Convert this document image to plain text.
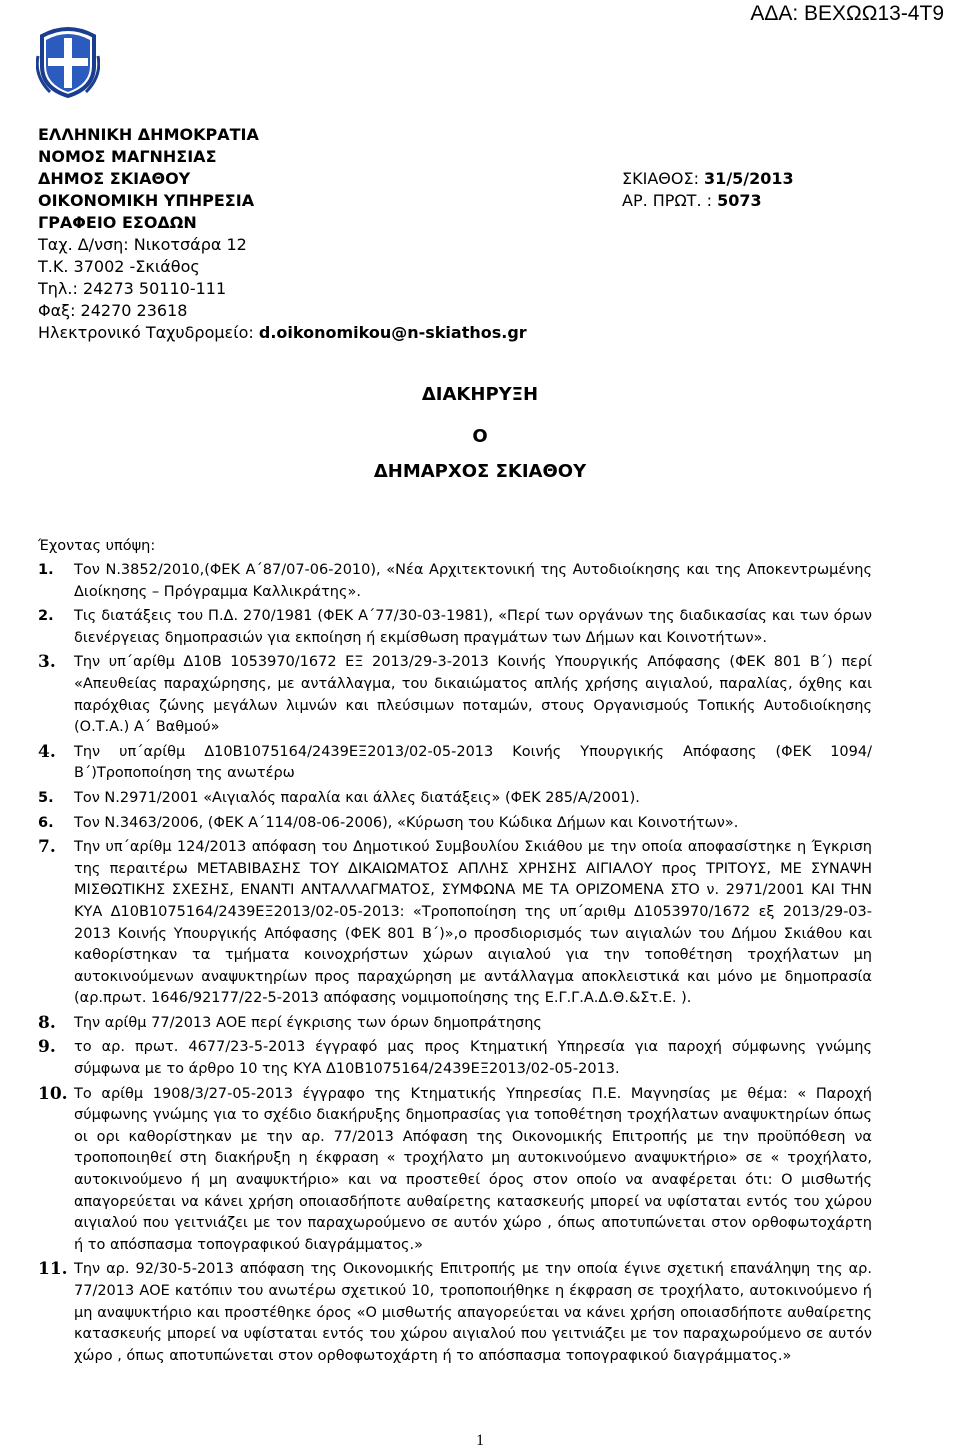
ΑΔΑ: ΒΕΧΩΩ13-4Τ9
ΕΛΛΗΝΙΚΗ ΔΗΜΟΚΡΑΤΙΑ
ΝΟΜΟΣ ΜΑΓΝΗΣΙΑΣ
ΔΗΜΟΣ ΣΚΙΑΘΟΥ
ΟΙΚΟΝΟΜΙΚΗ ΥΠΗΡΕΣΙΑ
ΓΡΑΦΕΙΟ ΕΣΟΔΩΝ
Ταχ. Δ/νση: Νικοτσάρα 12
Τ.Κ. 37002 -Σκιάθος
Τηλ.: 24273 50110-111
Φαξ: 24270 23618
Ηλεκτρονικό Ταχυδρομείο: d.oikonomikou@n-skiathos.gr
ΣΚΙΑΘΟΣ: 31/5/2013
ΑΡ. ΠΡΩΤ. : 5073
ΔΙΑΚΗΡΥΞΗ
Ο
ΔΗΜΑΡΧΟΣ ΣΚΙΑΘΟΥ
Έχοντας υπόψη:
1.	Τον Ν.3852/2010,(ΦΕΚ Α΄87/07-06-2010), «Νέα Αρχιτεκτονική της Αυτοδιοίκησης και της Αποκεντρωμένης Διοίκησης – Πρόγραμμα Καλλικράτης».
2.	Τις διατάξεις του Π.Δ. 270/1981 (ΦΕΚ Α΄77/30-03-1981), «Περί των οργάνων της διαδικασίας και των όρων διενέργειας δημοπρασιών για εκποίηση ή εκμίσθωση πραγμάτων των Δήμων και Κοινοτήτων».
3.	Την υπ΄αρίθμ Δ10Β 1053970/1672 ΕΞ 2013/29-3-2013 Κοινής Υπουργικής Απόφασης (ΦΕΚ 801 Β΄) περί «Απευθείας παραχώρησης, με αντάλλαγμα, του δικαιώματος απλής χρήσης αιγιαλού, παραλίας, όχθης και παρόχθιας ζώνης μεγάλων λιμνών και πλεύσιμων ποταμών, στους Οργανισμούς Τοπικής Αυτοδιοίκησης (Ο.Τ.Α.) Α΄ Βαθμού»
4.	Την υπ΄αρίθμ Δ10Β1075164/2439ΕΞ2013/02-05-2013 Κοινής Υπουργικής Απόφασης (ΦΕΚ 1094/Β΄)Τροποποίηση της ανωτέρω
5.	Τον Ν.2971/2001 «Αιγιαλός παραλία και άλλες διατάξεις» (ΦΕΚ 285/Α/2001).
6.	Τον Ν.3463/2006, (ΦΕΚ Α΄114/08-06-2006), «Κύρωση του Κώδικα Δήμων και Κοινοτήτων».
7.	Την υπ΄αρίθμ 124/2013 απόφαση του Δημοτικού Συμβουλίου Σκιάθου με την οποία αποφασίστηκε η Έγκριση της περαιτέρω ΜΕΤΑΒΙΒΑΣΗΣ ΤΟΥ ΔΙΚΑΙΩΜΑΤΟΣ ΑΠΛΗΣ ΧΡΗΣΗΣ ΑΙΓΙΑΛΟΥ προς ΤΡΙΤΟΥΣ, ΜΕ ΣΥΝΑΨΗ ΜΙΣΘΩΤΙΚΗΣ ΣΧΕΣΗΣ, ΕΝΑΝΤΙ ΑΝΤΑΛΛΑΓΜΑΤΟΣ, ΣΥΜΦΩΝΑ ΜΕ ΤΑ ΟΡΙΖΟΜΕΝΑ ΣΤΟ ν. 2971/2001 ΚΑΙ ΤΗΝ ΚΥΑ Δ10Β1075164/2439ΕΞ2013/02-05-2013: «Τροποποίηση της υπ΄αριθμ Δ1053970/1672 εξ 2013/29-03-2013 Κοινής Υπουργικής Απόφασης (ΦΕΚ 801 Β΄)»,ο προσδιορισμός των αιγιαλών του Δήμου Σκιάθου και καθορίστηκαν τα τμήματα κοινοχρήστων χώρων αιγιαλού για την τοποθέτηση τροχήλατων μη αυτοκινούμενων αναψυκτηρίων προς παραχώρηση με αντάλλαγμα αποκλειστικά και μόνο με δημοπρασία (αρ.πρωτ. 1646/92177/22-5-2013 απόφασης νομιμοποίησης της Ε.Γ.Γ.Α.Δ.Θ.&Στ.Ε. ).
8.	Την αρίθμ 77/2013 ΑΟΕ περί έγκρισης των όρων δημοπράτησης
9.	το αρ. πρωτ. 4677/23-5-2013 έγγραφό μας προς Κτηματική Υπηρεσία για παροχή σύμφωνης γνώμης σύμφωνα με το άρθρο 10 της ΚΥΑ Δ10Β1075164/2439ΕΞ2013/02-05-2013.
10. Το αρίθμ 1908/3/27-05-2013 έγγραφο της Κτηματικής Υπηρεσίας Π.Ε. Μαγνησίας με θέμα: « Παροχή σύμφωνης γνώμης για το σχέδιο διακήρυξης δημοπρασίας για τοποθέτηση τροχήλατων αναψυκτηρίων όπως οι ορι καθορίστηκαν με την αρ. 77/2013 Απόφαση της Οικονομικής Επιτροπής με την προϋπόθεση να τροποποιηθεί στη διακήρυξη η έκφραση « τροχήλατο μη αυτοκινούμενο αναψυκτήριο» σε « τροχήλατο, αυτοκινούμενο ή μη αναψυκτήριο» και να προστεθεί όρος στον οποίο να αναφέρεται ότι: Ο μισθωτής απαγορεύεται να κάνει χρήση οποιασδήποτε αυθαίρετης κατασκευής μπορεί να υφίσταται εντός του χώρου αιγιαλού που γειτνιάζει με τον παραχωρούμενο σε αυτόν χώρο , όπως αποτυπώνεται στον ορθοφωτοχάρτη ή το απόσπασμα τοπογραφικού διαγράμματος.»
11. Την αρ. 92/30-5-2013 απόφαση της Οικονομικής Επιτροπής με την οποία έγινε σχετική επανάληψη της αρ. 77/2013 ΑΟΕ κατόπιν του ανωτέρω σχετικού 10, τροποποιήθηκε η έκφραση σε τροχήλατο, αυτοκινούμενο ή μη αναψυκτήριο και προστέθηκε όρος «Ο μισθωτής απαγορεύεται να κάνει χρήση οποιασδήποτε αυθαίρετης κατασκευής μπορεί να υφίσταται εντός του χώρου αιγιαλού που γειτνιάζει με τον παραχωρούμενο σε αυτόν χώρο , όπως αποτυπώνεται στον ορθοφωτοχάρτη ή το απόσπασμα τοπογραφικού διαγράμματος.»
1
